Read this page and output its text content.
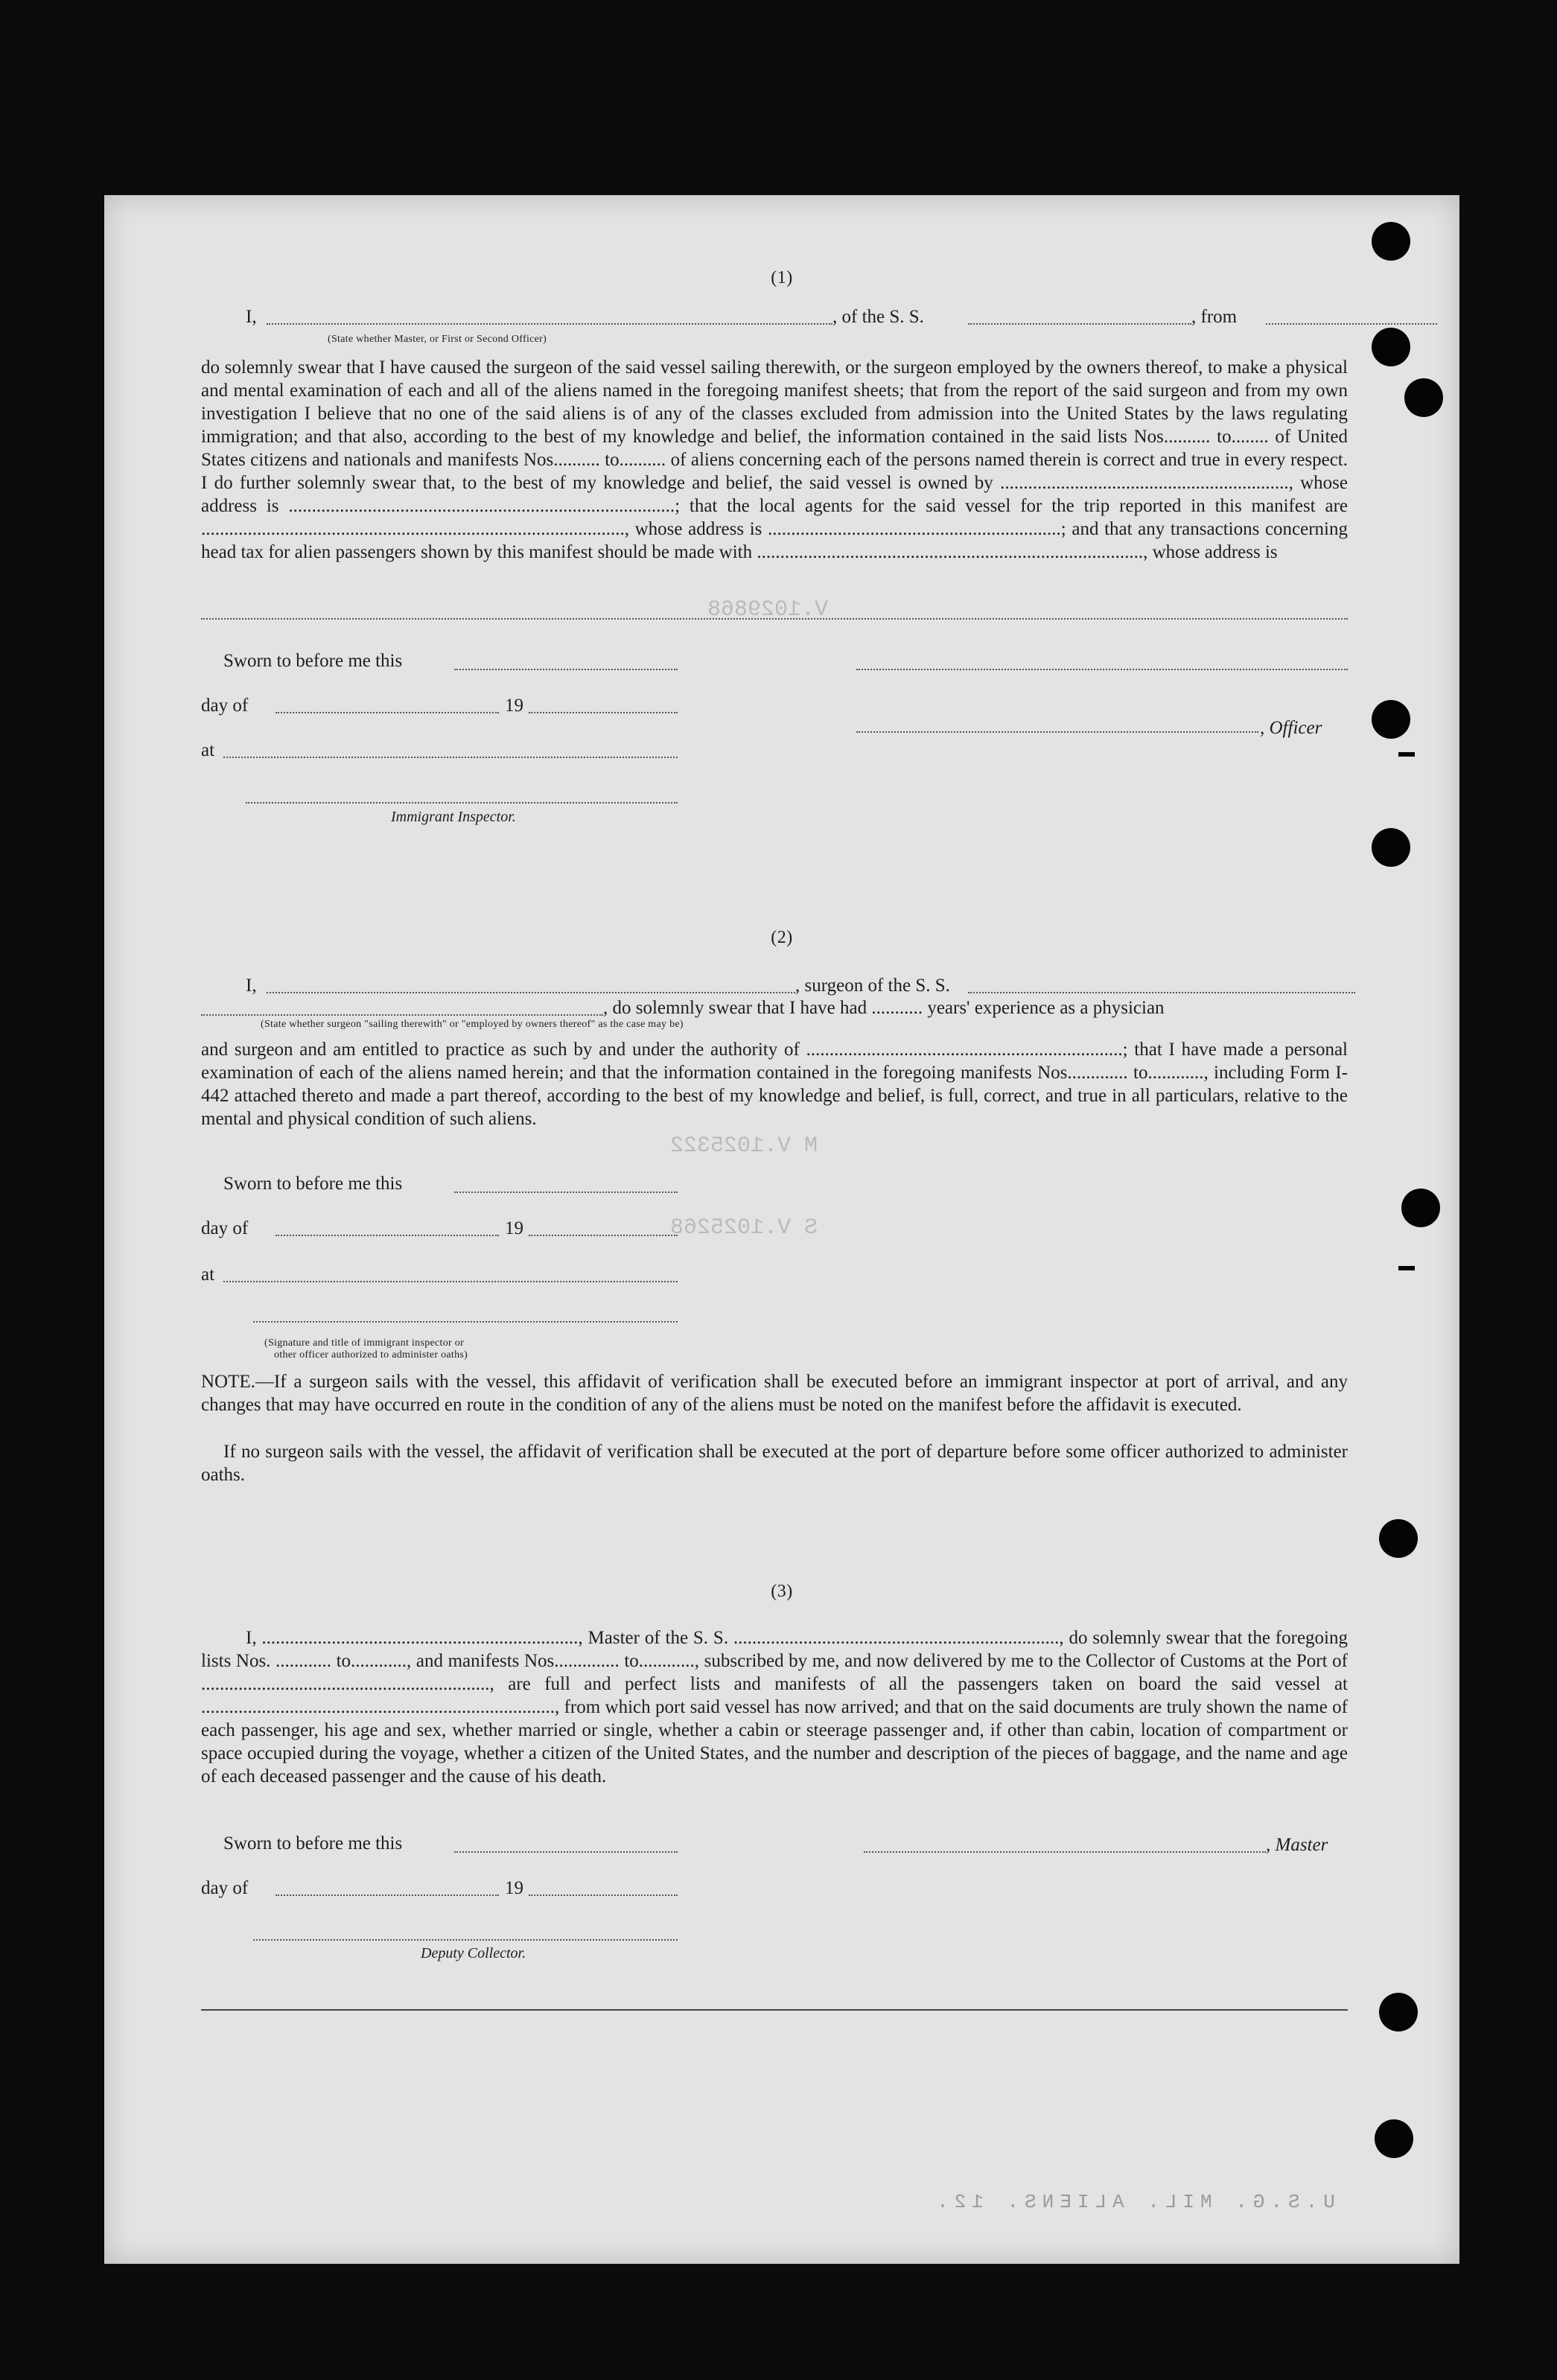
V.1029868
M V.1025322
S V.1025268
(1)
I,	, of the S. S.	, from
(State whether Master, or First or Second Officer)
do solemnly swear that I have caused the surgeon of the said vessel sailing therewith, or the surgeon employed by the owners thereof, to make a physical and mental examination of each and all of the aliens named in the foregoing manifest sheets; that from the report of the said surgeon and from my own investigation I believe that no one of the said aliens is of any of the classes excluded from admission into the United States by the laws regulating immigration; and that also, according to the best of my knowledge and belief, the information contained in the said lists Nos.......... to........ of United States citizens and nationals and manifests Nos.......... to.......... of aliens concerning each of the persons named therein is correct and true in every respect. I do further solemnly swear that, to the best of my knowledge and belief, the said vessel is owned by .............................................................., whose address is ...................................................................................; that the local agents for the said vessel for the trip reported in this manifest are ..........................................................................................., whose address is ...............................................................; and that any transactions concerning head tax for alien passengers shown by this manifest should be made with ..................................................................................., whose address is
Sworn to before me this
day of	19
, Officer
at
Immigrant Inspector.
(2)
I,	, surgeon of the S. S.
, do solemnly swear that I have had ........... years' experience as a physician
(State whether surgeon "sailing therewith" or "employed by owners thereof" as the case may be)
and surgeon and am entitled to practice as such by and under the authority of ....................................................................; that I have made a personal examination of each of the aliens named herein; and that the information contained in the foregoing manifests Nos............. to............, including Form I-442 attached thereto and made a part thereof, according to the best of my knowledge and belief, is full, correct, and true in all particulars, relative to the mental and physical condition of such aliens.
Sworn to before me this
day of	19
at
(Signature and title of immigrant inspector or
other officer authorized to administer oaths)
NOTE.—If a surgeon sails with the vessel, this affidavit of verification shall be executed before an immigrant inspector at port of arrival, and any changes that may have occurred en route in the condition of any of the aliens must be noted on the manifest before the affidavit is executed.
If no surgeon sails with the vessel, the affidavit of verification shall be executed at the port of departure before some officer authorized to administer oaths.
(3)
I, ...................................................................., Master of the S. S. ......................................................................, do solemnly swear that the foregoing lists Nos. ............ to............, and manifests Nos.............. to............, subscribed by me, and now delivered by me to the Collector of Customs at the Port of .............................................................., are full and perfect lists and manifests of all the passengers taken on board the said vessel at ............................................................................, from which port said vessel has now arrived; and that on the said documents are truly shown the name of each passenger, his age and sex, whether married or single, whether a cabin or steerage passenger and, if other than cabin, location of compartment or space occupied during the voyage, whether a citizen of the United States, and the number and description of the pieces of baggage, and the name and age of each deceased passenger and the cause of his death.
Sworn to before me this	, Master
day of	19
Deputy Collector.
U.S.G. MIL. ALIENS. 12.
